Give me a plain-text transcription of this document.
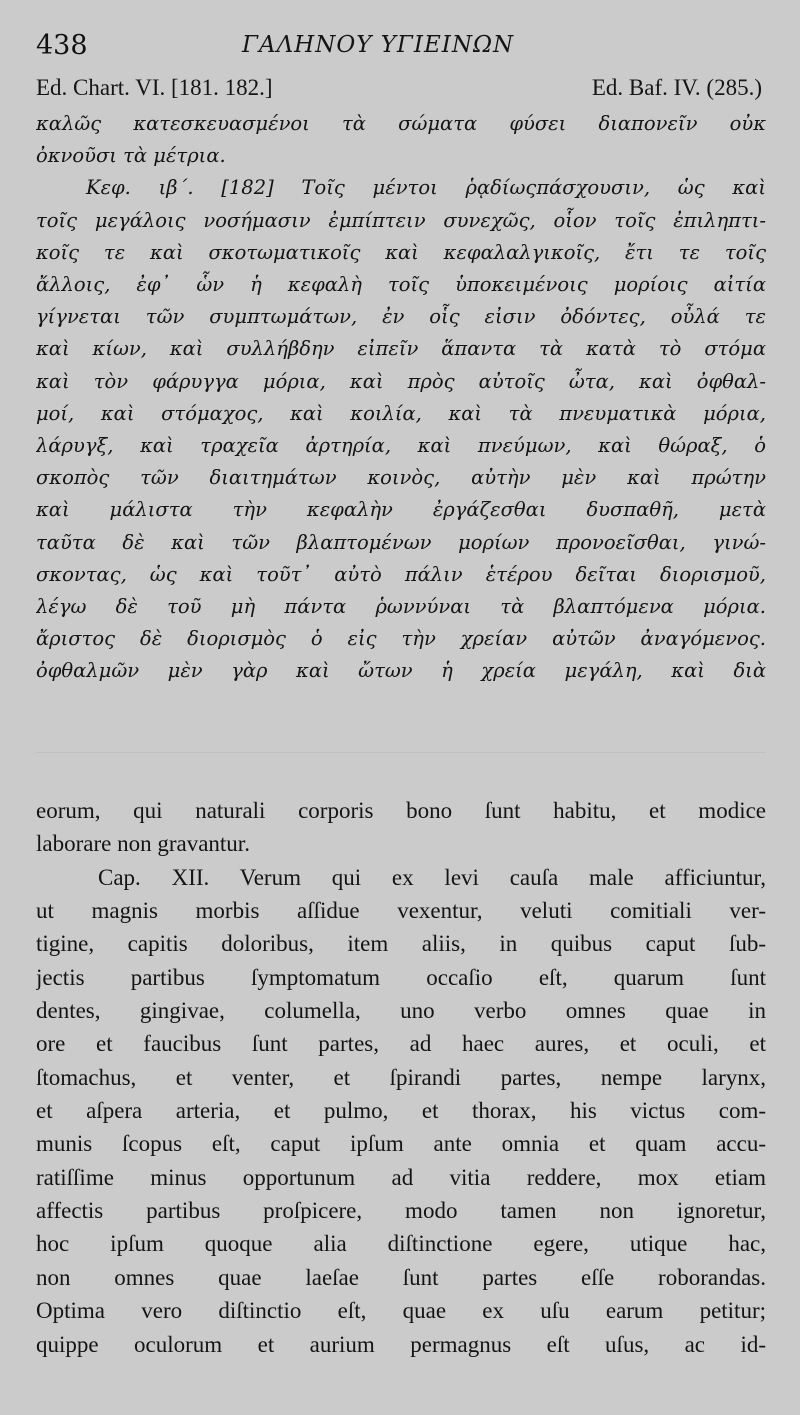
438	ΓΑΛΗΝΟΥ ΥΓΙΕΙΝΩΝ
Ed. Chart. VI. [181. 182.]	Ed. Baf. IV. (285.)
καλῶς κατεσκευασμένοι τὰ σώματα φύσει διαπονεῖν οὐκ
ὀκνοῦσι τὰ μέτρια.
Κεφ. ιβ΄. [182] Τοῖς μέντοι ῥᾳδίωςπάσχουσιν, ὡς καὶ
τοῖς μεγάλοις νοσήμασιν ἐμπίπτειν συνεχῶς, οἷον τοῖς ἐπιληπτι-
κοῖς τε καὶ σκοτωματικοῖς καὶ κεφαλαλγικοῖς, ἔτι τε τοῖς
ἄλλοις, ἐφ᾽ ὧν ἡ κεφαλὴ τοῖς ὑποκειμένοις μορίοις αἰτία
γίγνεται τῶν συμπτωμάτων, ἐν οἷς εἰσιν ὀδόντες, οὖλά τε
καὶ κίων, καὶ συλλήβδην εἰπεῖν ἅπαντα τὰ κατὰ τὸ στόμα
καὶ τὸν φάρυγγα μόρια, καὶ πρὸς αὐτοῖς ὦτα, καὶ ὀφθαλ-
μοί, καὶ στόμαχος, καὶ κοιλία, καὶ τὰ πνευματικὰ μόρια,
λάρυγξ, καὶ τραχεῖα ἀρτηρία, καὶ πνεύμων, καὶ θώραξ, ὁ
σκοπὸς τῶν διαιτημάτων κοινὸς, αὐτὴν μὲν καὶ πρώτην
καὶ μάλιστα τὴν κεφαλὴν ἐργάζεσθαι δυσπαθῆ, μετὰ
ταῦτα δὲ καὶ τῶν βλαπτομένων μορίων προνοεῖσθαι, γινώ-
σκοντας, ὡς καὶ τοῦτ᾽ αὐτὸ πάλιν ἑτέρου δεῖται διορισμοῦ,
λέγω δὲ τοῦ μὴ πάντα ῥωννύναι τὰ βλαπτόμενα μόρια.
ἄριστος δὲ διορισμὸς ὁ εἰς τὴν χρείαν αὐτῶν ἀναγόμενος.
ὀφθαλμῶν μὲν γὰρ καὶ ὤτων ἡ χρεία μεγάλη, καὶ διὰ
eorum, qui naturali corporis bono ſunt habitu, et modice
laborare non gravantur.
Cap. XII. Verum qui ex levi cauſa male afficiuntur,
ut magnis morbis aſſidue vexentur, veluti comitiali ver-
tigine, capitis doloribus, item aliis, in quibus caput ſub-
jectis partibus ſymptomatum occaſio eſt, quarum ſunt
dentes, gingivae, columella, uno verbo omnes quae in
ore et faucibus ſunt partes, ad haec aures, et oculi, et
ſtomachus, et venter, et ſpirandi partes, nempe larynx,
et aſpera arteria, et pulmo, et thorax, his victus com-
munis ſcopus eſt, caput ipſum ante omnia et quam accu-
ratiſſime minus opportunum ad vitia reddere, mox etiam
affectis partibus proſpicere, modo tamen non ignoretur,
hoc ipſum quoque alia diſtinctione egere, utique hac,
non omnes quae laeſae ſunt partes eſſe roborandas.
Optima vero diſtinctio eſt, quae ex uſu earum petitur;
quippe oculorum et aurium permagnus eſt uſus, ac id-
